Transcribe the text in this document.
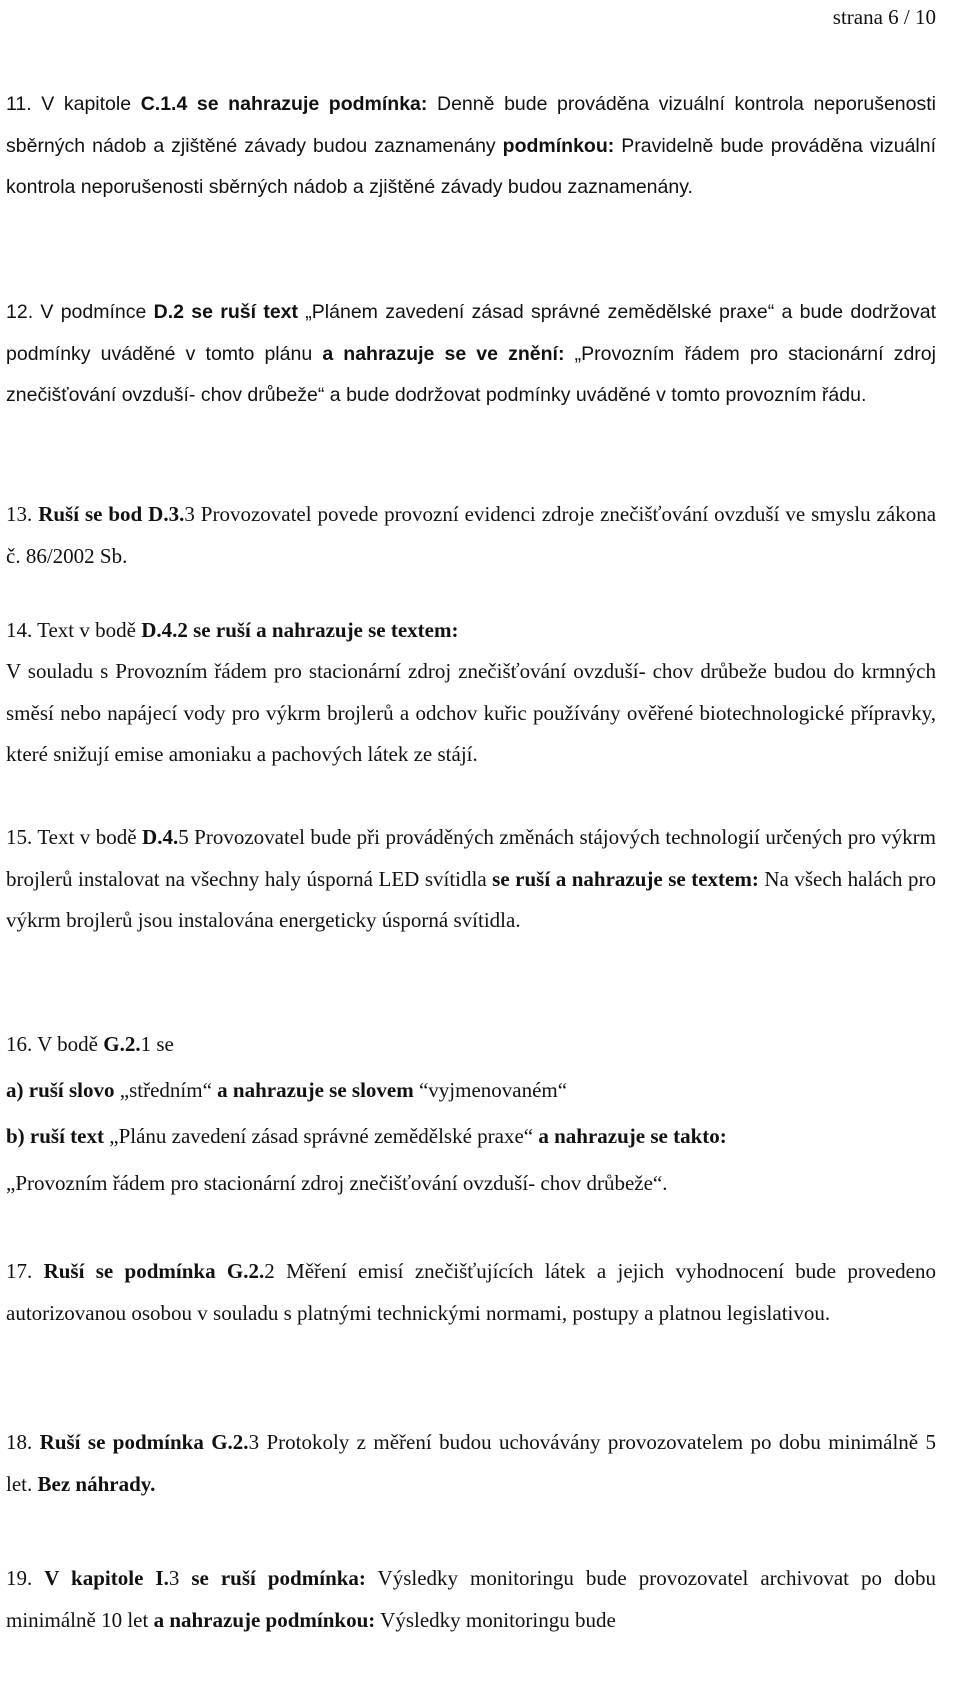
strana 6 / 10

11. V kapitole C.1.4 se nahrazuje podmínka: Denně bude prováděna vizuální kontrola neporušenosti sběrných nádob a zjištěné závady budou zaznamenány podmínkou: Pravidelně bude prováděna vizuální kontrola neporušenosti sběrných nádob a zjištěné závady budou zaznamenány.

12. V podmínce D.2 se ruší text „Plánem zavedení zásad správné zemědělské praxe“ a bude dodržovat podmínky uváděné v tomto plánu a nahrazuje se ve znění: „Provozním řádem pro stacionární zdroj znečišťování ovzduší- chov drůbeže“ a bude dodržovat podmínky uváděné v tomto provozním řádu.

13. Ruší se bod D.3.3 Provozovatel povede provozní evidenci zdroje znečišťování ovzduší ve smyslu zákona č. 86/2002 Sb.

14. Text v bodě D.4.2 se ruší a nahrazuje se textem:

V souladu s Provozním řádem pro stacionární zdroj znečišťování ovzduší- chov drůbeže budou do krmných směsí nebo napájecí vody pro výkrm brojlerů a odchov kuřic používány ověřené biotechnologické přípravky, které snižují emise amoniaku a pachových látek ze stájí.

15. Text v bodě D.4.5 Provozovatel bude při prováděných změnách stájových technologií určených pro výkrm brojlerů instalovat na všechny haly úsporná LED svítidla se ruší a nahrazuje se textem: Na všech halách pro výkrm brojlerů jsou instalována energeticky úsporná svítidla.

16. V bodě G.2.1 se

a) ruší slovo „středním“ a nahrazuje se slovem “vyjmenovaném“

b) ruší text „Plánu zavedení zásad správné zemědělské praxe“ a nahrazuje se takto:

„Provozním řádem pro stacionární zdroj znečišťování ovzduší- chov drůbeže“.

17. Ruší se podmínka G.2.2 Měření emisí znečišťujících látek a jejich vyhodnocení bude provedeno autorizovanou osobou v souladu s platnými technickými normami, postupy a platnou legislativou.

18. Ruší se podmínka G.2.3 Protokoly z měření budou uchovávány provozovatelem po dobu minimálně 5 let. Bez náhrady.

19. V kapitole I.3 se ruší podmínka: Výsledky monitoringu bude provozovatel archivovat po dobu minimálně 10 let a nahrazuje podmínkou: Výsledky monitoringu bude
